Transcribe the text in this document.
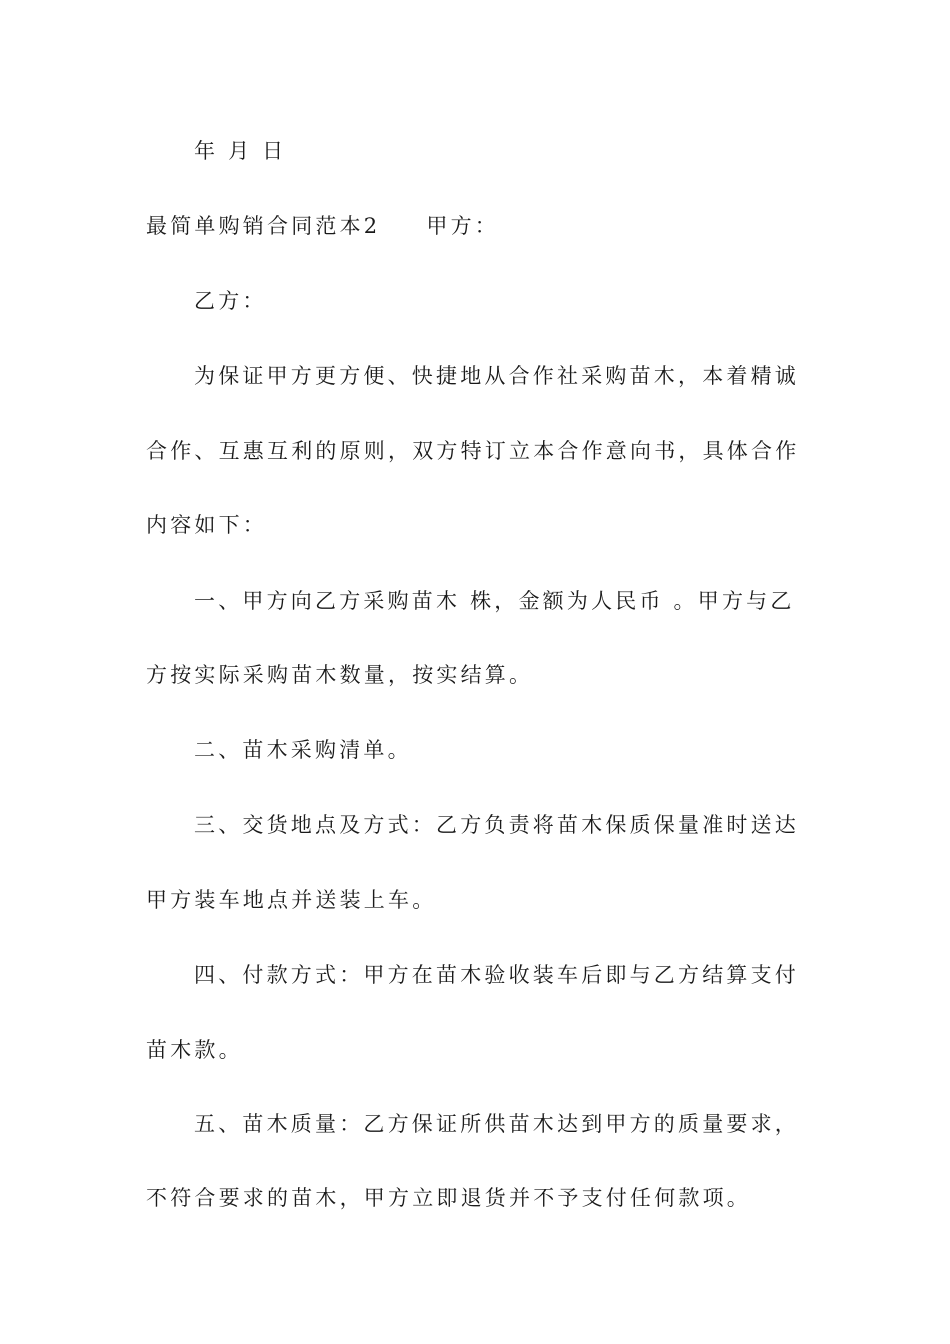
年 月 日
最简单购销合同范本2 甲方：
乙方：
为保证甲方更方便、快捷地从合作社采购苗木，本着精诚
合作、互惠互利的原则，双方特订立本合作意向书，具体合作
内容如下：
一、甲方向乙方采购苗木 株，金额为人民币 。甲方与乙
方按实际采购苗木数量，按实结算。
二、苗木采购清单。
三、交货地点及方式：乙方负责将苗木保质保量准时送达
甲方装车地点并送装上车。
四、付款方式：甲方在苗木验收装车后即与乙方结算支付
苗木款。
五、苗木质量：乙方保证所供苗木达到甲方的质量要求，
不符合要求的苗木，甲方立即退货并不予支付任何款项。
